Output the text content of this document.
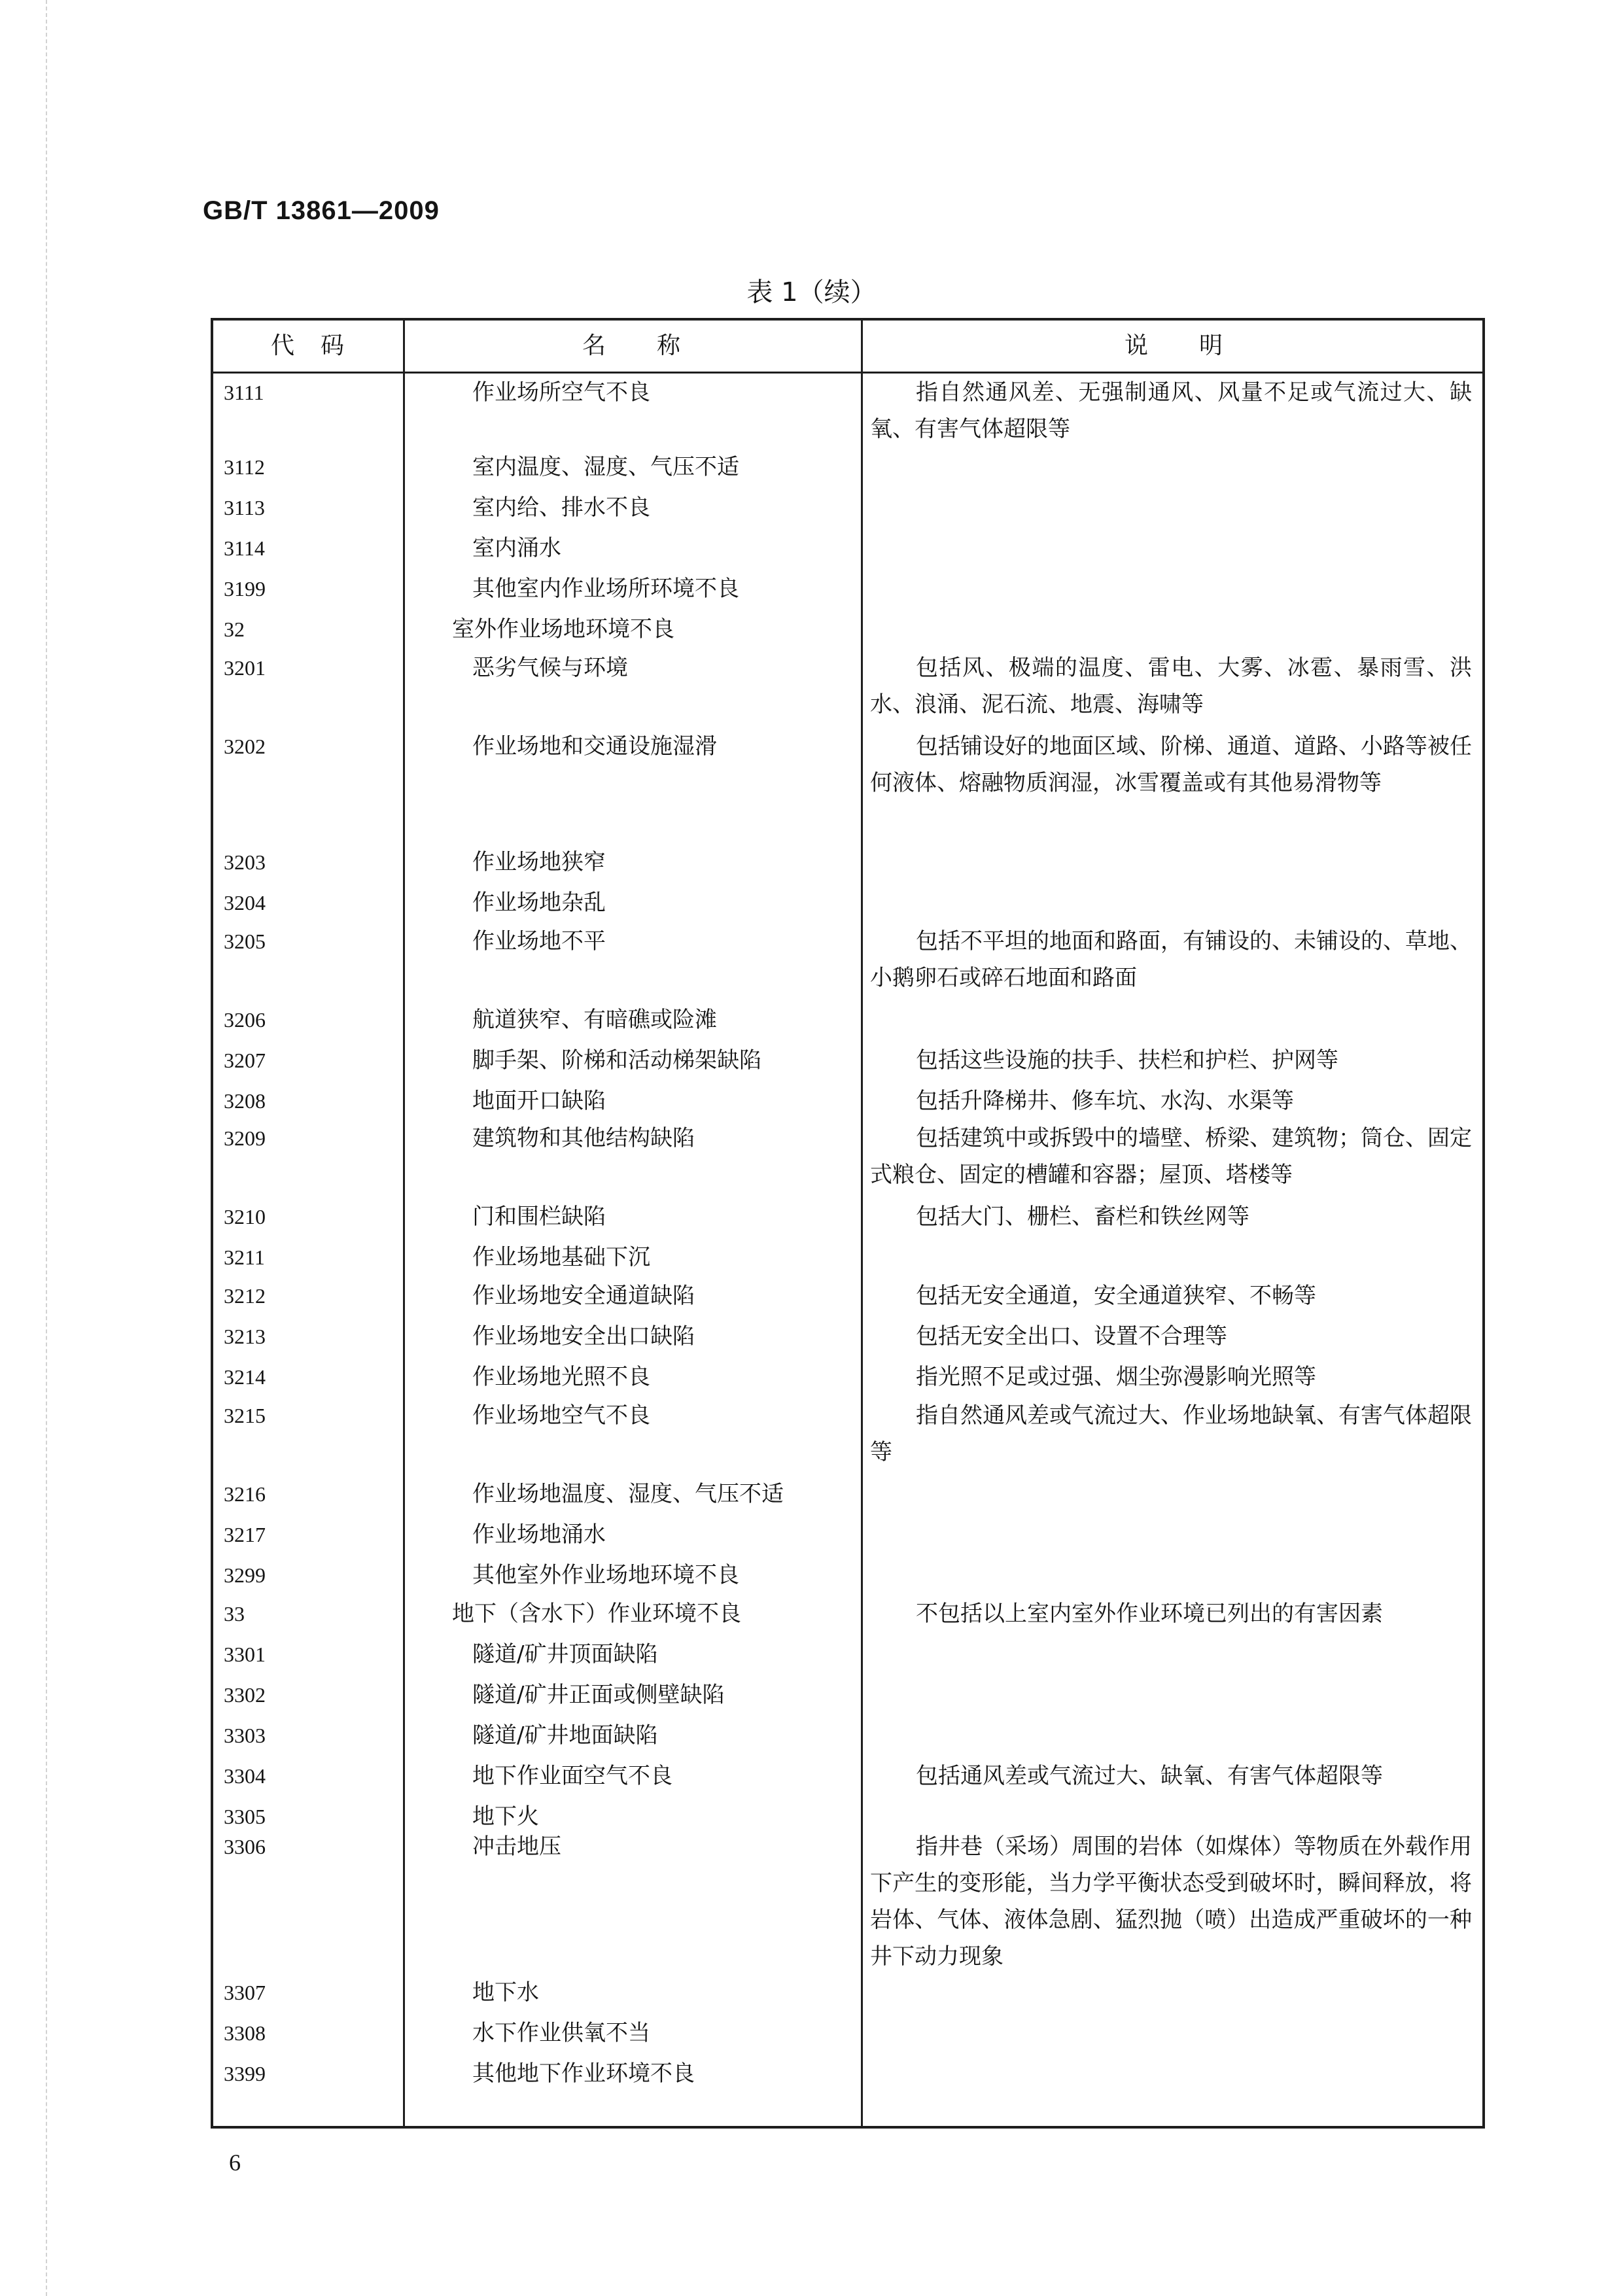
GB/T 13861—2009
表 1（续）
代　码	名　　称	说　　明
3111	作业场所空气不良	指自然通风差、无强制通风、风量不足或气流过大、缺氧、有害气体超限等
3112	室内温度、湿度、气压不适
3113	室内给、排水不良
3114	室内涌水
3199	其他室内作业场所环境不良
32	室外作业场地环境不良
3201	恶劣气候与环境	包括风、极端的温度、雷电、大雾、冰雹、暴雨雪、洪水、浪涌、泥石流、地震、海啸等
3202	作业场地和交通设施湿滑	包括铺设好的地面区域、阶梯、通道、道路、小路等被任何液体、熔融物质润湿，冰雪覆盖或有其他易滑物等
3203	作业场地狭窄
3204	作业场地杂乱
3205	作业场地不平	包括不平坦的地面和路面，有铺设的、未铺设的、草地、小鹅卵石或碎石地面和路面
3206	航道狭窄、有暗礁或险滩
3207	脚手架、阶梯和活动梯架缺陷	包括这些设施的扶手、扶栏和护栏、护网等
3208	地面开口缺陷	包括升降梯井、修车坑、水沟、水渠等
3209	建筑物和其他结构缺陷	包括建筑中或拆毁中的墙壁、桥梁、建筑物；筒仓、固定式粮仓、固定的槽罐和容器；屋顶、塔楼等
3210	门和围栏缺陷	包括大门、栅栏、畜栏和铁丝网等
3211	作业场地基础下沉
3212	作业场地安全通道缺陷	包括无安全通道，安全通道狭窄、不畅等
3213	作业场地安全出口缺陷	包括无安全出口、设置不合理等
3214	作业场地光照不良	指光照不足或过强、烟尘弥漫影响光照等
3215	作业场地空气不良	指自然通风差或气流过大、作业场地缺氧、有害气体超限等
3216	作业场地温度、湿度、气压不适
3217	作业场地涌水
3299	其他室外作业场地环境不良
33	地下（含水下）作业环境不良	不包括以上室内室外作业环境已列出的有害因素
3301	隧道/矿井顶面缺陷
3302	隧道/矿井正面或侧壁缺陷
3303	隧道/矿井地面缺陷
3304	地下作业面空气不良	包括通风差或气流过大、缺氧、有害气体超限等
3305	地下火
3306	冲击地压	指井巷（采场）周围的岩体（如煤体）等物质在外载作用下产生的变形能，当力学平衡状态受到破坏时，瞬间释放，将岩体、气体、液体急剧、猛烈抛（喷）出造成严重破坏的一种井下动力现象
3307	地下水
3308	水下作业供氧不当
3399	其他地下作业环境不良
6
